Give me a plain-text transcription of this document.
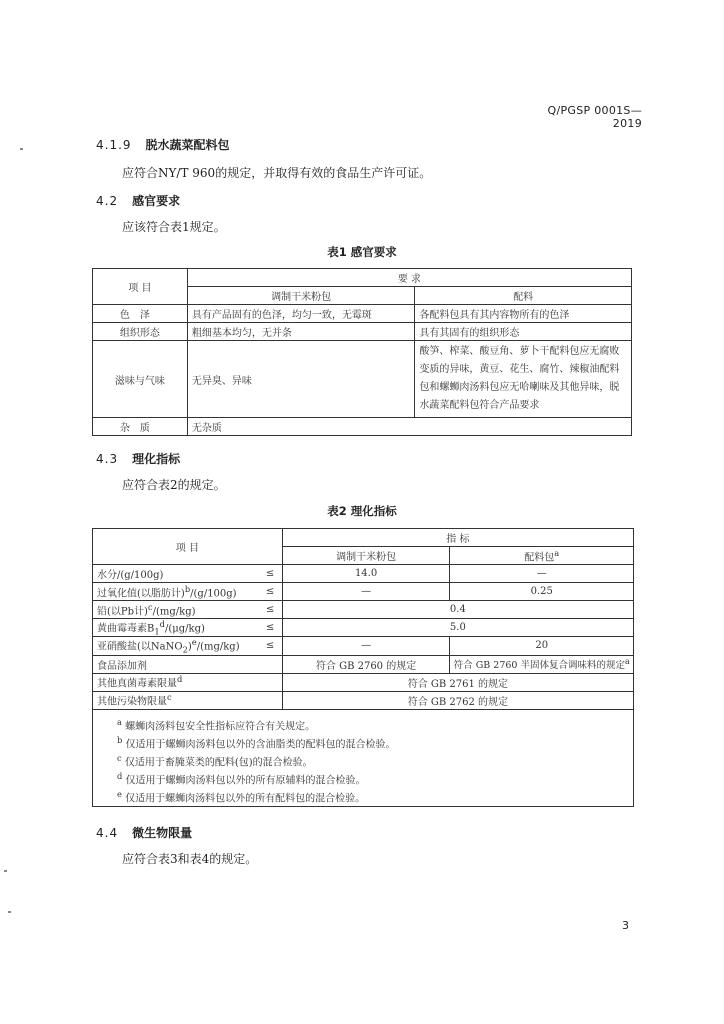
Q/PGSP 0001S—2019
4.1.9 脱水蔬菜配料包
应符合NY/T 960的规定，并取得有效的食品生产许可证。
4.2 感官要求
应该符合表1规定。
表1 感官要求
项 目	要 求	
	调制干米粉包	配料
色泽	具有产品固有的色泽，均匀一致，无霉斑	各配料包具有其内容物所有的色泽
组织形态	粗细基本均匀，无并条	具有其固有的组织形态
滋味与气味	无异臭、异味	酸笋、榨菜、酸豆角、萝卜干配料包应无腐败变质的异味，黄豆、花生、腐竹、辣椒油配料包和螺蛳肉汤料包应无哈喇味及其他异味，脱水蔬菜配料包符合产品要求
杂质	无杂质	
4.3 理化指标
应符合表2的规定。
表2 理化指标
项 目		指 标	
		调制干米粉包	配料包$^a$
水分/(g/100g)	≤	14.0	—
过氧化值(以脂肪计)$^b$/(g/100g)	≤	—	0.25
铅(以Pb计)$^c$/(mg/kg)	≤	0.4	
黄曲霉毒素$B_1^d/(\mu g/kg)$	≤	5.0	
亚硝酸盐(以NaNO$_2$)$^e$/(mg/kg)	≤	—	20
食品添加剂		符合 GB 2760 的规定	符合 GB 2760 半固体复合调味料的规定$^a$
其他真菌毒素限量$^d$		符合 GB 2761 的规定	
其他污染物限量$^c$		符合 GB 2762 的规定	

$^a$ 螺蛳肉汤料包安全性指标应符合有关规定。
$^b$ 仅适用于螺蛳肉汤料包以外的含油脂类的配料包的混合检验。
$^c$ 仅适用于畜腌菜类的配料(包)的混合检验。
$^d$ 仅适用于螺蛳肉汤料包以外的所有原辅料的混合检验。
$^e$ 仅适用于螺蛳肉汤料包以外的所有配料包的混合检验。			
4.4 微生物限量
应符合表3和表4的规定。
3
